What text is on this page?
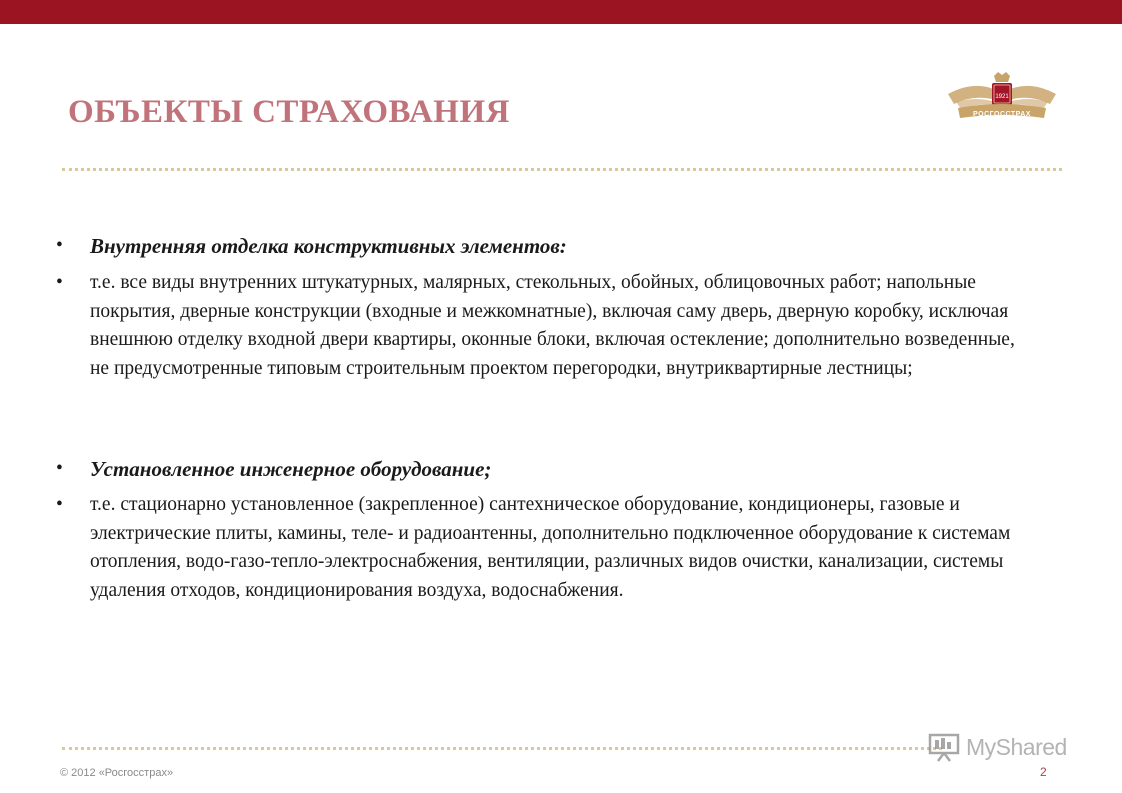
ОБЪЕКТЫ СТРАХОВАНИЯ	1921
РОСГОССТРАХ
• Внутренняя отделка конструктивных элементов:
• т.е. все виды внутренних штукатурных, малярных, стекольных, обойных, облицовочных работ; напольные покрытия, дверные конструкции (входные и межкомнатные), включая саму дверь, дверную коробку, исключая внешнюю отделку входной двери квартиры, оконные блоки, включая остекление; дополнительно возведенные, не предусмотренные типовым строительным проектом перегородки, внутриквартирные лестницы;
• Установленное инженерное оборудование;
• т.е. стационарно установленное (закрепленное) сантехническое оборудование, кондиционеры, газовые и электрические плиты, камины, теле- и радиоантенны, дополнительно подключенное оборудование к системам отопления, водо-газо-тепло-электроснабжения, вентиляции, различных видов очистки, канализации, системы удаления отходов, кондиционирования воздуха, водоснабжения.
MyShared
© 2012 «Росгосстрах»	2
